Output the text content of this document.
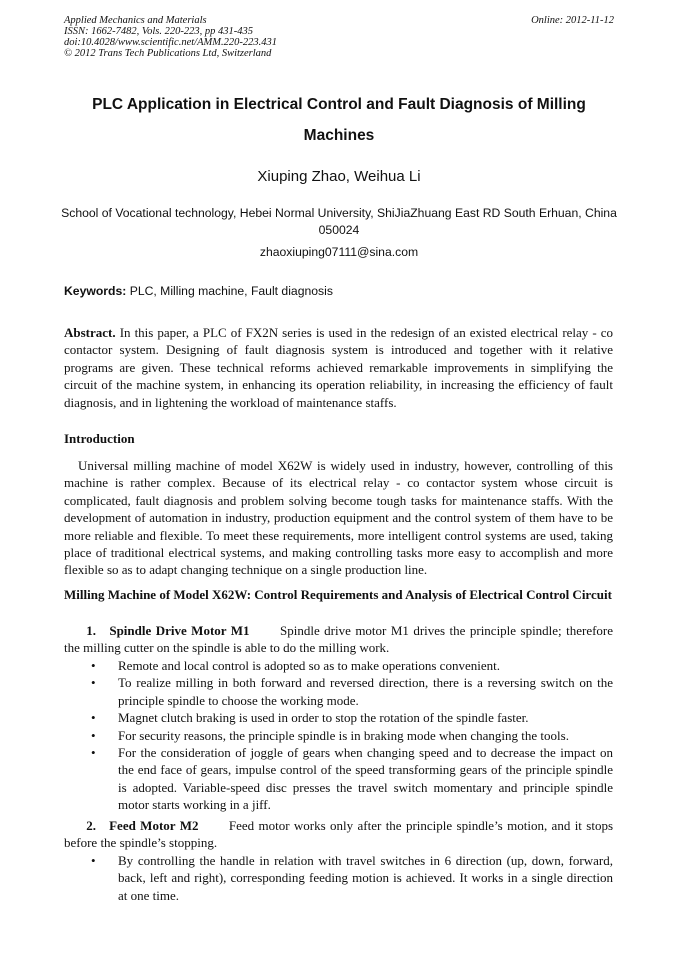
Applied Mechanics and Materials
ISSN: 1662-7482, Vols. 220-223, pp 431-435
doi:10.4028/www.scientific.net/AMM.220-223.431
© 2012 Trans Tech Publications Ltd, Switzerland
Online: 2012-11-12
PLC Application in Electrical Control and Fault Diagnosis of Milling Machines
Xiuping Zhao, Weihua Li
School of Vocational technology, Hebei Normal University, ShiJiaZhuang East RD South Erhuan, China 050024
zhaoxiuping07111@sina.com
Keywords: PLC, Milling machine, Fault diagnosis
Abstract. In this paper, a PLC of FX2N series is used in the redesign of an existed electrical relay - co contactor system. Designing of fault diagnosis system is introduced and together with it relative programs are given. These technical reforms achieved remarkable improvements in simplifying the circuit of the machine system, in enhancing its operation reliability, in increasing the efficiency of fault diagnosis, and in lightening the workload of maintenance staffs.
Introduction
Universal milling machine of model X62W is widely used in industry, however, controlling of this machine is rather complex. Because of its electrical relay - co contactor system whose circuit is complicated, fault diagnosis and problem solving become tough tasks for maintenance staffs. With the development of automation in industry, production equipment and the control system of them have to be more reliable and flexible. To meet these requirements, more intelligent control systems are used, taking place of traditional electrical systems, and making controlling tasks more easy to accomplish and more flexible so as to adapt changing technique on a single production line.
Milling Machine of Model X62W: Control Requirements and Analysis of Electrical Control Circuit
1. Spindle Drive Motor M1 Spindle drive motor M1 drives the principle spindle; therefore the milling cutter on the spindle is able to do the milling work.
• Remote and local control is adopted so as to make operations convenient.
• To realize milling in both forward and reversed direction, there is a reversing switch on the principle spindle to choose the working mode.
• Magnet clutch braking is used in order to stop the rotation of the spindle faster.
• For security reasons, the principle spindle is in braking mode when changing the tools.
• For the consideration of joggle of gears when changing speed and to decrease the impact on the end face of gears, impulse control of the speed transforming gears of the principle spindle is adopted. Variable-speed disc presses the travel switch momentary and principle spindle motor starts working in a jiff.
2. Feed Motor M2 Feed motor works only after the principle spindle’s motion, and it stops before the spindle’s stopping.
• By controlling the handle in relation with travel switches in 6 direction (up, down, forward, back, left and right), corresponding feeding motion is achieved. It works in a single direction at one time.
